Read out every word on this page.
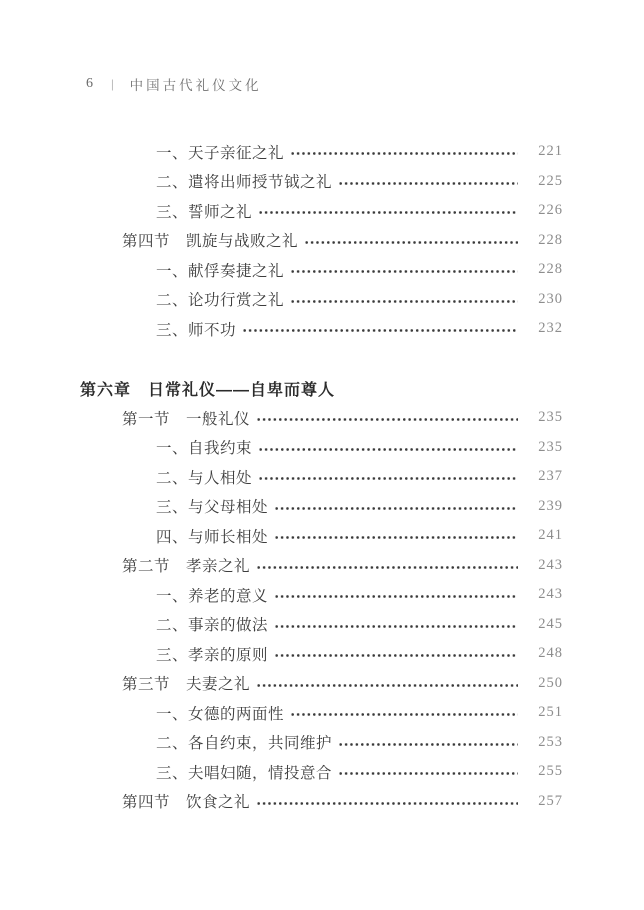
6 | 中国古代礼仪文化
一、天子亲征之礼	221
二、遣将出师授节钺之礼	225
三、誓师之礼	226
第四节　凯旋与战败之礼	228
一、献俘奏捷之礼	228
二、论功行赏之礼	230
三、师不功	232
第六章　日常礼仪——自卑而尊人
第一节　一般礼仪	235
一、自我约束	235
二、与人相处	237
三、与父母相处	239
四、与师长相处	241
第二节　孝亲之礼	243
一、养老的意义	243
二、事亲的做法	245
三、孝亲的原则	248
第三节　夫妻之礼	250
一、女德的两面性	251
二、各自约束，共同维护	253
三、夫唱妇随，情投意合	255
第四节　饮食之礼	257
